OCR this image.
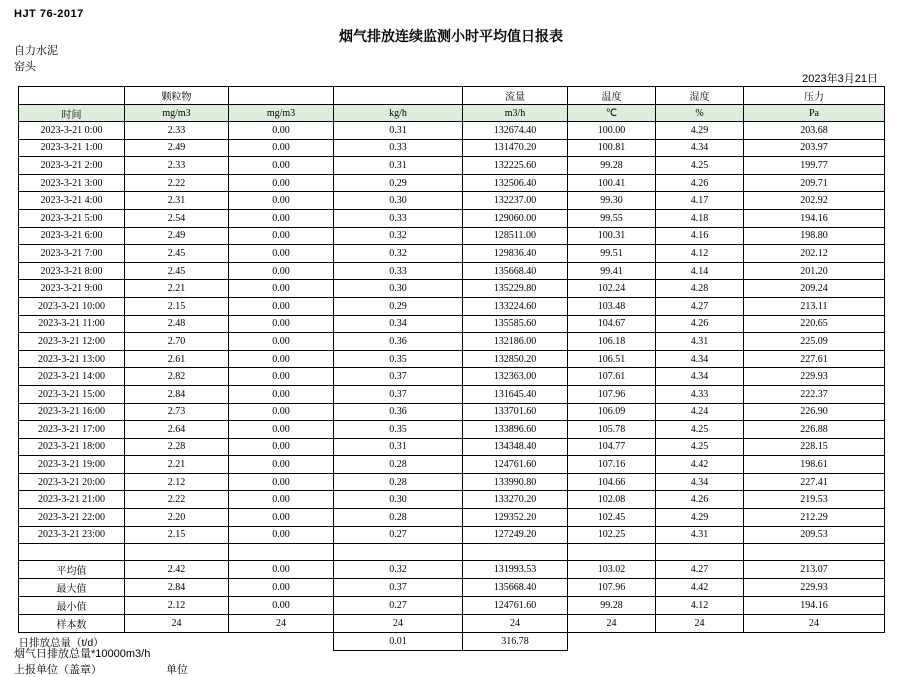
HJT 76-2017
烟气排放连续监测小时平均值日报表
自力水泥
窑头
2023年3月21日
	颗粒物			流量	温度	湿度	压力
时间	mg/m3	mg/m3	kg/h	m3/h	℃	%	Pa
2023-3-21 0:00	2.33	0.00	0.31	132674.40	100.00	4.29	203.68
2023-3-21 1:00	2.49	0.00	0.33	131470.20	100.81	4.34	203.97
2023-3-21 2:00	2.33	0.00	0.31	132225.60	99.28	4.25	199.77
2023-3-21 3:00	2.22	0.00	0.29	132506.40	100.41	4.26	209.71
2023-3-21 4:00	2.31	0.00	0.30	132237.00	99.30	4.17	202.92
2023-3-21 5:00	2.54	0.00	0.33	129060.00	99.55	4.18	194.16
2023-3-21 6:00	2.49	0.00	0.32	128511.00	100.31	4.16	198.80
2023-3-21 7:00	2.45	0.00	0.32	129836.40	99.51	4.12	202.12
2023-3-21 8:00	2.45	0.00	0.33	135668.40	99.41	4.14	201.20
2023-3-21 9:00	2.21	0.00	0.30	135229.80	102.24	4.28	209.24
2023-3-21 10:00	2.15	0.00	0.29	133224.60	103.48	4.27	213.11
2023-3-21 11:00	2.48	0.00	0.34	135585.60	104.67	4.26	220.65
2023-3-21 12:00	2.70	0.00	0.36	132186.00	106.18	4.31	225.09
2023-3-21 13:00	2.61	0.00	0.35	132850.20	106.51	4.34	227.61
2023-3-21 14:00	2.82	0.00	0.37	132363.00	107.61	4.34	229.93
2023-3-21 15:00	2.84	0.00	0.37	131645.40	107.96	4.33	222.37
2023-3-21 16:00	2.73	0.00	0.36	133701.60	106.09	4.24	226.90
2023-3-21 17:00	2.64	0.00	0.35	133896.60	105.78	4.25	226.88
2023-3-21 18:00	2.28	0.00	0.31	134348.40	104.77	4.25	228.15
2023-3-21 19:00	2.21	0.00	0.28	124761.60	107.16	4.42	198.61
2023-3-21 20:00	2.12	0.00	0.28	133990.80	104.66	4.34	227.41
2023-3-21 21:00	2.22	0.00	0.30	133270.20	102.08	4.26	219.53
2023-3-21 22:00	2.20	0.00	0.28	129352.20	102.45	4.29	212.29
2023-3-21 23:00	2.15	0.00	0.27	127249.20	102.25	4.31	209.53

平均值	2.42	0.00	0.32	131993.53	103.02	4.27	213.07
最大值	2.84	0.00	0.37	135668.40	107.96	4.42	229.93
最小值	2.12	0.00	0.27	124761.60	99.28	4.12	194.16
样本数	24	24	24	24	24	24	24
日排放总量（t/d）			0.01	316.78			
烟气日排放总量*10000m3/h
上报单位（盖章）	单位
